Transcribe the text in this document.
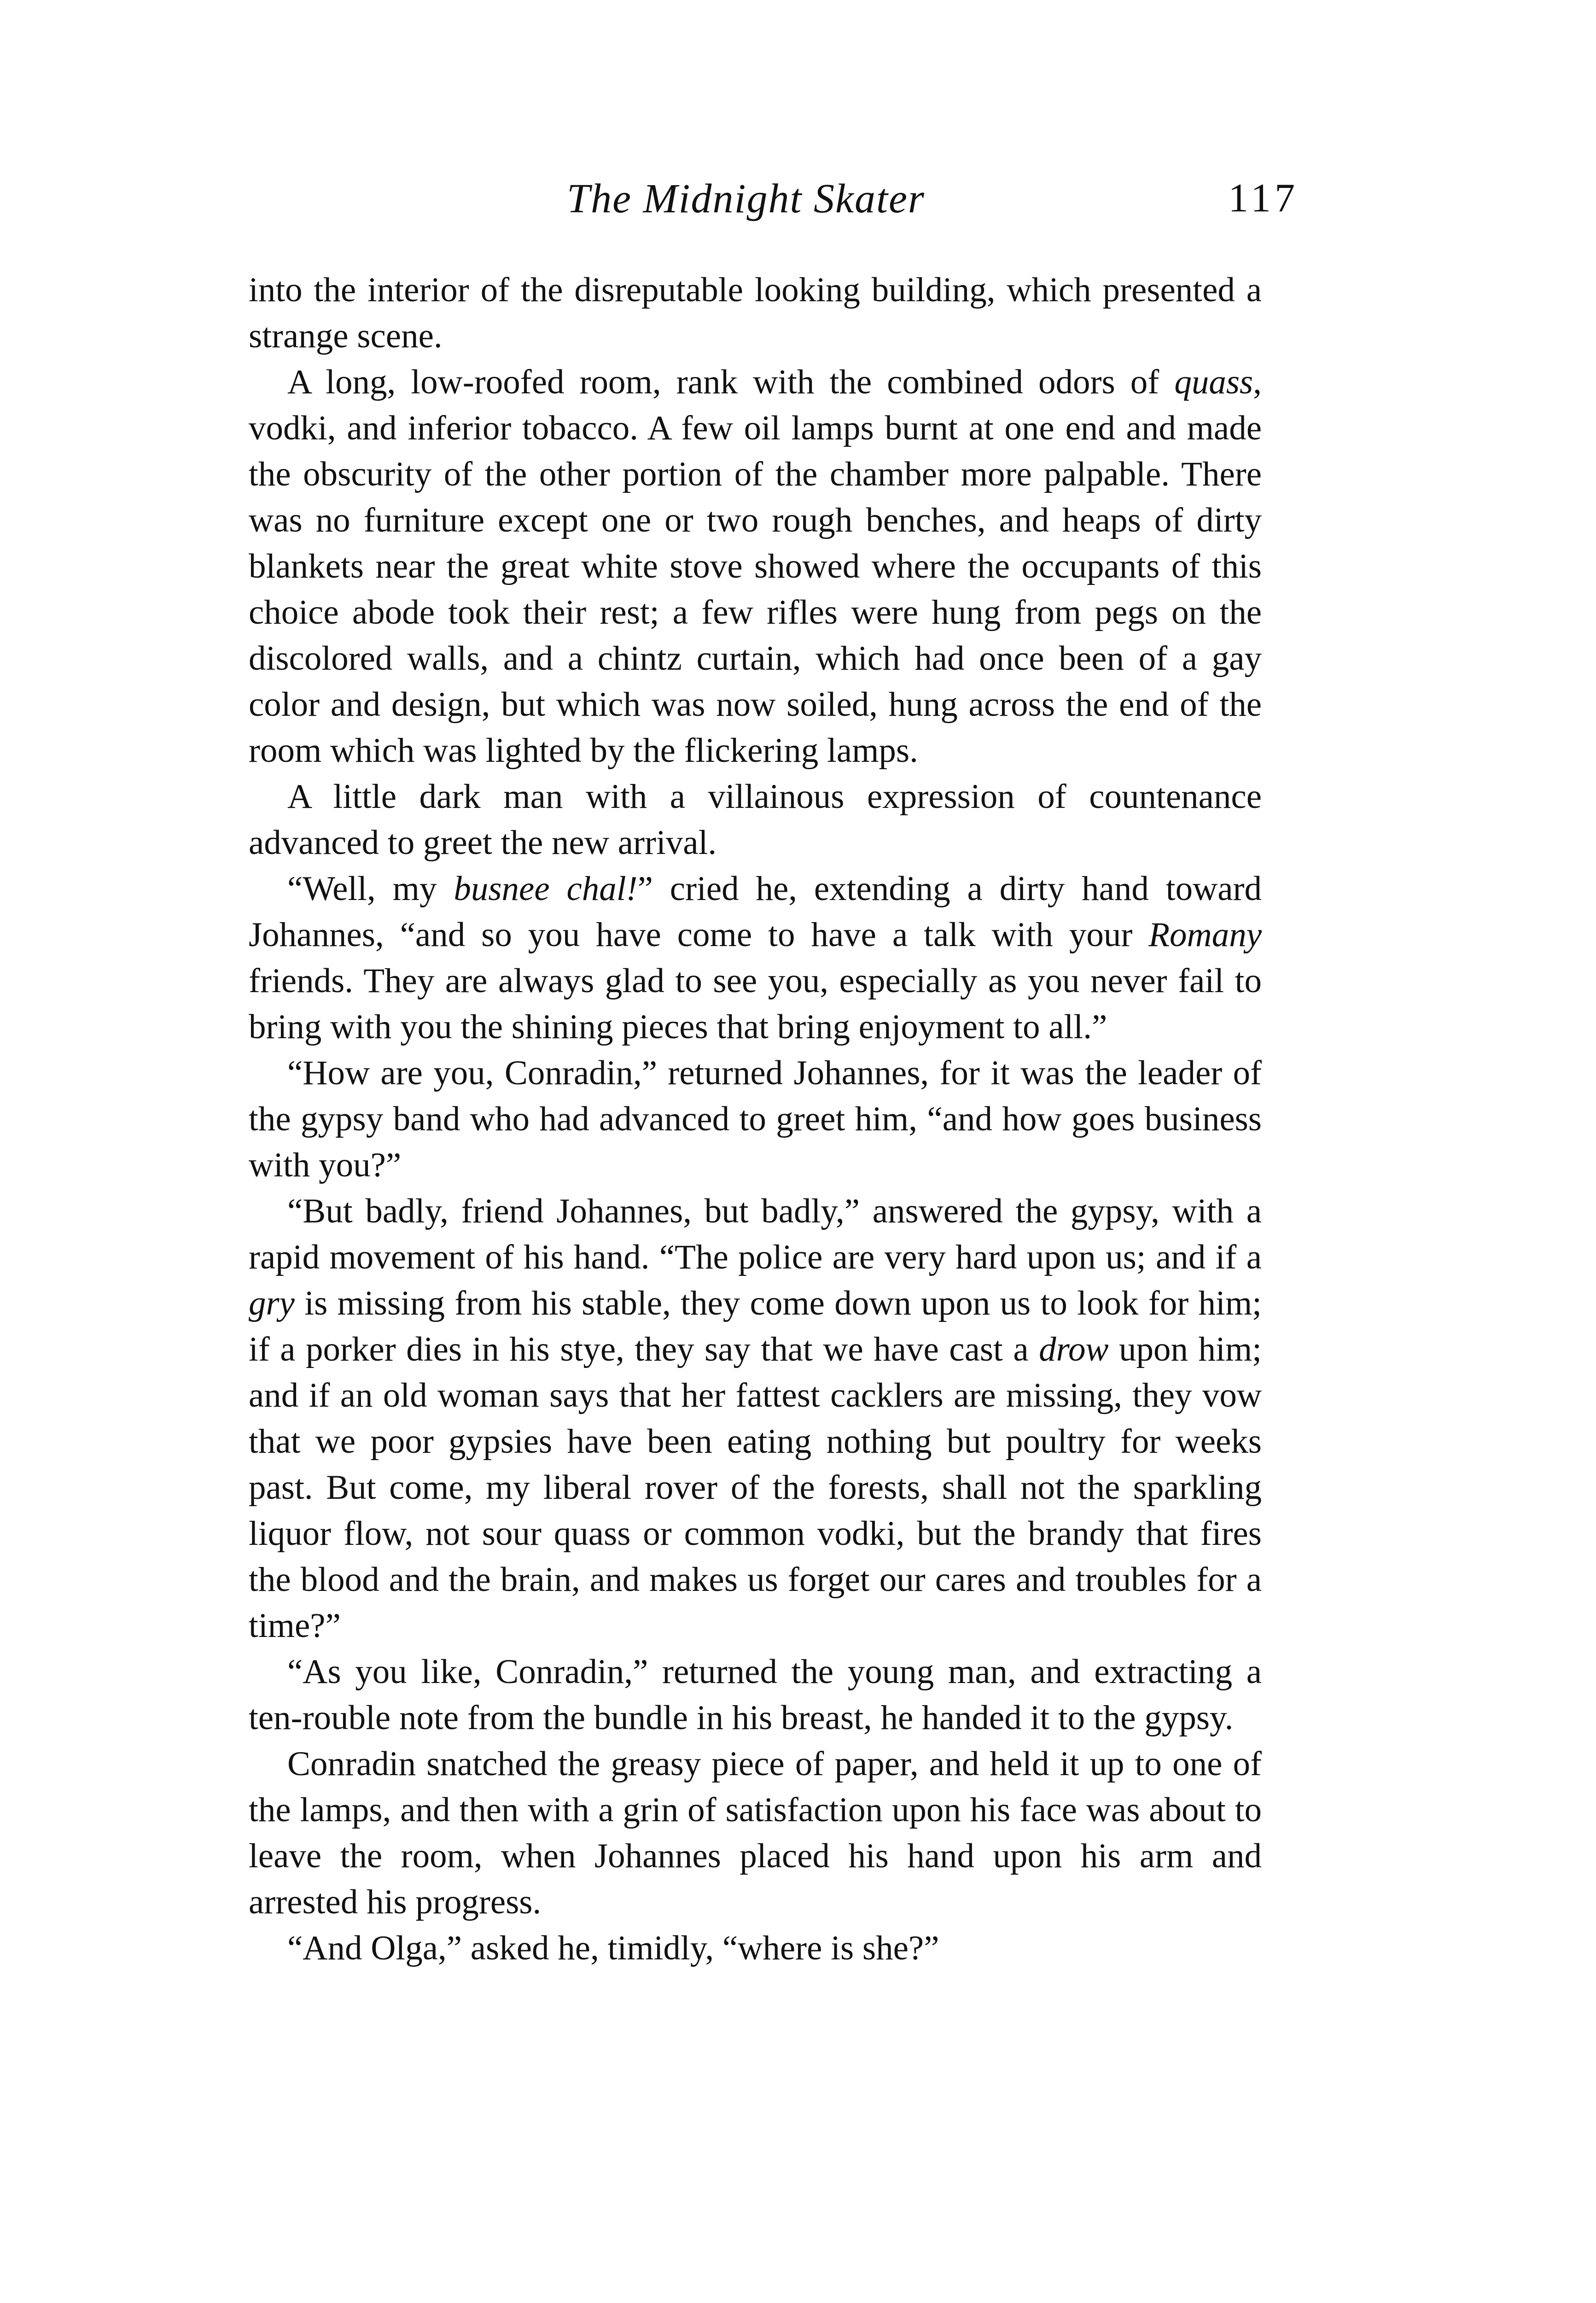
The Midnight Skater	117

into the interior of the disreputable looking building, which presented a strange scene.

A long, low-roofed room, rank with the combined odors of quass, vodki, and inferior tobacco. A few oil lamps burnt at one end and made the obscurity of the other portion of the chamber more palpable. There was no furniture except one or two rough benches, and heaps of dirty blankets near the great white stove showed where the occupants of this choice abode took their rest; a few rifles were hung from pegs on the discolored walls, and a chintz curtain, which had once been of a gay color and design, but which was now soiled, hung across the end of the room which was lighted by the flickering lamps.

A little dark man with a villainous expression of countenance advanced to greet the new arrival.

“Well, my busnee chal!” cried he, extending a dirty hand toward Johannes, “and so you have come to have a talk with your Romany friends. They are always glad to see you, especially as you never fail to bring with you the shining pieces that bring enjoyment to all.”

“How are you, Conradin,” returned Johannes, for it was the leader of the gypsy band who had advanced to greet him, “and how goes business with you?”

“But badly, friend Johannes, but badly,” answered the gypsy, with a rapid movement of his hand. “The police are very hard upon us; and if a gry is missing from his stable, they come down upon us to look for him; if a porker dies in his stye, they say that we have cast a drow upon him; and if an old woman says that her fattest cacklers are missing, they vow that we poor gypsies have been eating nothing but poultry for weeks past. But come, my liberal rover of the forests, shall not the sparkling liquor flow, not sour quass or common vodki, but the brandy that fires the blood and the brain, and makes us forget our cares and troubles for a time?”

“As you like, Conradin,” returned the young man, and extracting a ten-rouble note from the bundle in his breast, he handed it to the gypsy.

Conradin snatched the greasy piece of paper, and held it up to one of the lamps, and then with a grin of satisfaction upon his face was about to leave the room, when Johannes placed his hand upon his arm and arrested his progress.

“And Olga,” asked he, timidly, “where is she?”
